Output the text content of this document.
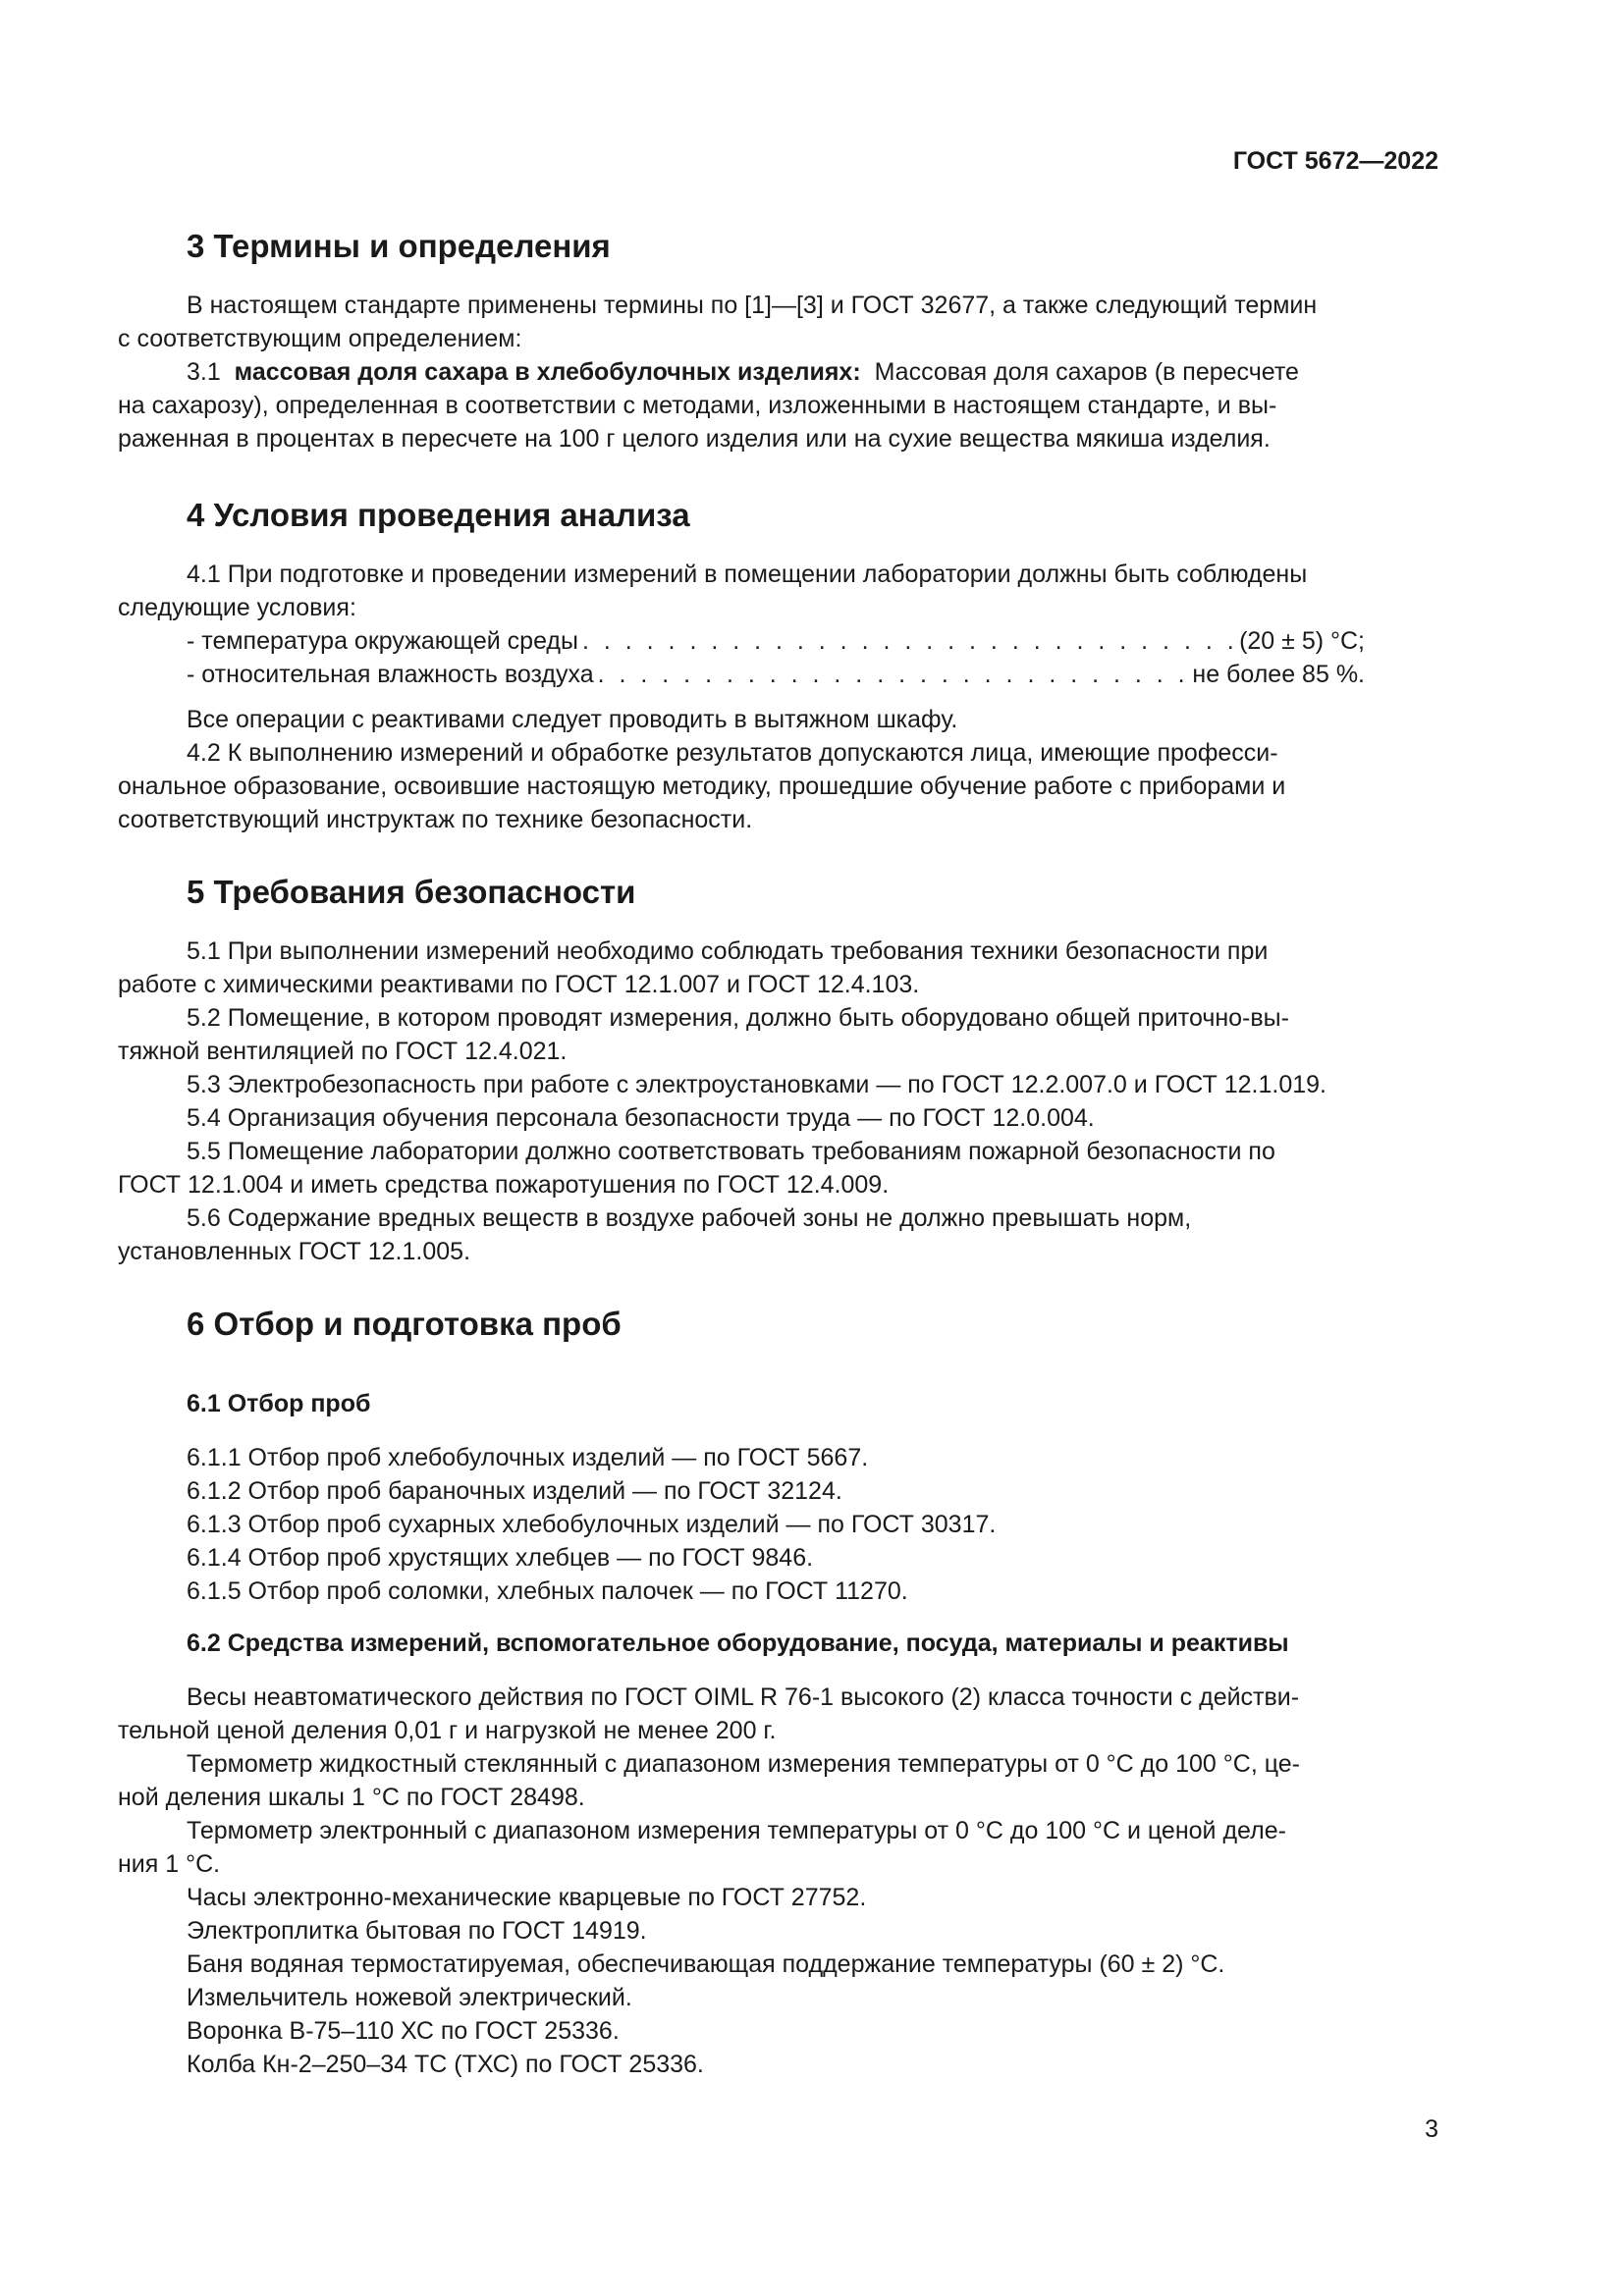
ГОСТ 5672—2022
3 Термины и определения
В настоящем стандарте применены термины по [1]—[3] и ГОСТ 32677, а также следующий термин
с соответствующим определением:
3.1 массовая доля сахара в хлебобулочных изделиях: Массовая доля сахаров (в пересчете
на сахарозу), определенная в соответствии с методами, изложенными в настоящем стандарте, и вы-
раженная в процентах в пересчете на 100 г целого изделия или на сухие вещества мякиша изделия.
4 Условия проведения анализа
4.1 При подготовке и проведении измерений в помещении лаборатории должны быть соблюдены
следующие условия:
- температура окружающей среды . . .	(20 ± 5) °C;
- относительная влажность воздуха . . .	не более 85 %.
Все операции с реактивами следует проводить в вытяжном шкафу.
4.2 К выполнению измерений и обработке результатов допускаются лица, имеющие професси-
ональное образование, освоившие настоящую методику, прошедшие обучение работе с приборами и
соответствующий инструктаж по технике безопасности.
5 Требования безопасности
5.1 При выполнении измерений необходимо соблюдать требования техники безопасности при
работе с химическими реактивами по ГОСТ 12.1.007 и ГОСТ 12.4.103.
5.2 Помещение, в котором проводят измерения, должно быть оборудовано общей приточно-вы-
тяжной вентиляцией по ГОСТ 12.4.021.
5.3 Электробезопасность при работе с электроустановками — по ГОСТ 12.2.007.0 и ГОСТ 12.1.019.
5.4 Организация обучения персонала безопасности труда — по ГОСТ 12.0.004.
5.5 Помещение лаборатории должно соответствовать требованиям пожарной безопасности по
ГОСТ 12.1.004 и иметь средства пожаротушения по ГОСТ 12.4.009.
5.6 Содержание вредных веществ в воздухе рабочей зоны не должно превышать норм,
установленных ГОСТ 12.1.005.
6 Отбор и подготовка проб
6.1 Отбор проб
6.1.1 Отбор проб хлебобулочных изделий — по ГОСТ 5667.
6.1.2 Отбор проб бараночных изделий — по ГОСТ 32124.
6.1.3 Отбор проб сухарных хлебобулочных изделий — по ГОСТ 30317.
6.1.4 Отбор проб хрустящих хлебцев — по ГОСТ 9846.
6.1.5 Отбор проб соломки, хлебных палочек — по ГОСТ 11270.
6.2 Средства измерений, вспомогательное оборудование, посуда, материалы и реактивы
Весы неавтоматического действия по ГОСТ OIML R 76-1 высокого (2) класса точности с действи-
тельной ценой деления 0,01 г и нагрузкой не менее 200 г.
Термометр жидкостный стеклянный с диапазоном измерения температуры от 0 °C до 100 °C, це-
ной деления шкалы 1 °C по ГОСТ 28498.
Термометр электронный с диапазоном измерения температуры от 0 °C до 100 °C и ценой деле-
ния 1 °C.
Часы электронно-механические кварцевые по ГОСТ 27752.
Электроплитка бытовая по ГОСТ 14919.
Баня водяная термостатируемая, обеспечивающая поддержание температуры (60 ± 2) °C.
Измельчитель ножевой электрический.
Воронка В-75–110 ХС по ГОСТ 25336.
Колба Кн-2–250–34 ТС (ТХС) по ГОСТ 25336.
3
